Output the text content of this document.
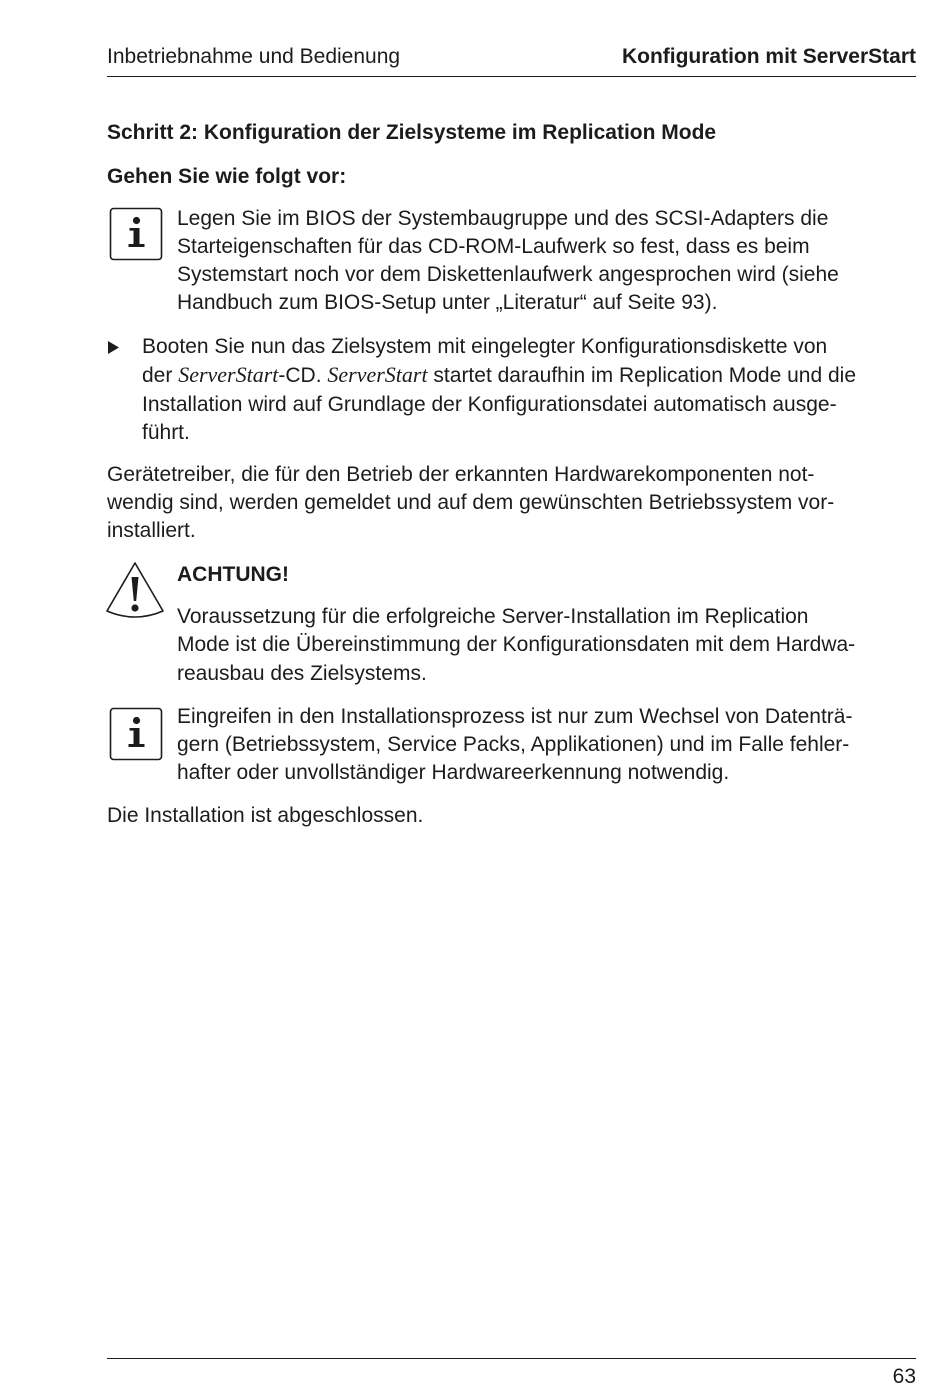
Inbetriebnahme und Bedienung	Konfiguration mit ServerStart
Schritt 2: Konfiguration der Zielsysteme im Replication Mode
Gehen Sie wie folgt vor:
Legen Sie im BIOS der Systembaugruppe und des SCSI-Adapters die
Starteigenschaften für das CD-ROM-Laufwerk so fest, dass es beim
Systemstart noch vor dem Diskettenlaufwerk angesprochen wird (siehe
Handbuch zum BIOS-Setup unter „Literatur“ auf Seite 93).
Booten Sie nun das Zielsystem mit eingelegter Konfigurationsdiskette von
der ServerStart-CD. ServerStart startet daraufhin im Replication Mode und die
Installation wird auf Grundlage der Konfigurationsdatei automatisch ausge-
führt.
Gerätetreiber, die für den Betrieb der erkannten Hardwarekomponenten not-
wendig sind, werden gemeldet und auf dem gewünschten Betriebssystem vor-
installiert.
ACHTUNG!
Voraussetzung für die erfolgreiche Server-Installation im Replication
Mode ist die Übereinstimmung der Konfigurationsdaten mit dem Hardwa-
reausbau des Zielsystems.
Eingreifen in den Installationsprozess ist nur zum Wechsel von Datenträ-
gern (Betriebssystem, Service Packs, Applikationen) und im Falle fehler-
hafter oder unvollständiger Hardwareerkennung notwendig.
Die Installation ist abgeschlossen.
63
